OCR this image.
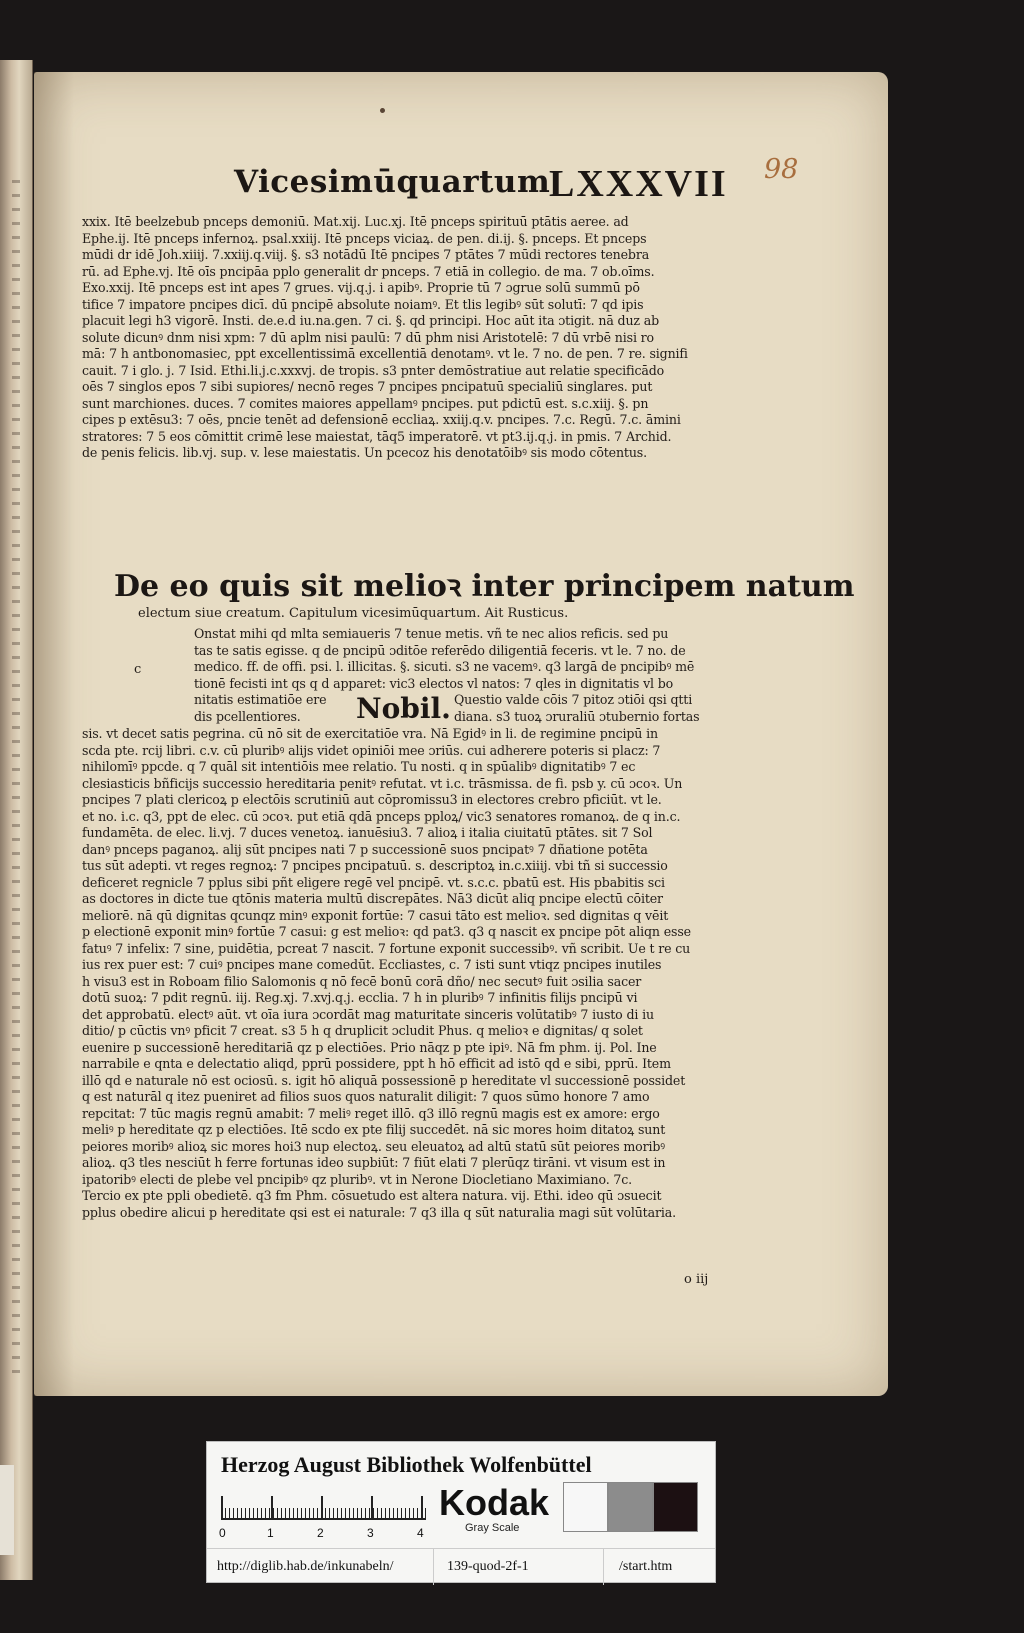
Vicesimūquartum
LXXXVII 98
xxix. Itē beelzebub pnceps demoniū. Mat.xij. Luc.xj. Itē pnceps spirituū ptātis aeree. ad
Ephe.ij. Itē pnceps infernoꝝ. psal.xxiij. Itē pnceps viciaꝝ. de pen. di.ij. §. pnceps. Et pnceps
mūdi dr idē Joh.xiiij. 7.xxiij.q.viij. §. s3 notādū Itē pncipes 7 ptātes 7 mūdi rectores tenebra
rū. ad Ephe.vj. Itē oīs pncipāa pplo generalit dr pnceps. 7 etiā in collegio. de ma. 7 ob.oīms.
Exo.xxij. Itē pnceps est int apes 7 grues. vij.q.j. i apibꝰ. Proprie tū 7 ɔgrue solū summū pō
tifice 7 impatore pncipes dicī. dū pncipē absolute noiamꝰ. Et tlis legibꝰ sūt solutī: 7 qd ipis
placuit legi h3 vigorē. Insti. de.e.d iu.na.gen. 7 ci. §. qd principi. Hoc aūt ita ɔtigit. nā duz ab
solute dicunꝰ dnm nisi xpm: 7 dū aplm nisi paulū: 7 dū phm nisi Aristotelē: 7 dū vrbē nisi ro
mā: 7 h antbonomasiec, ppt excellentissimā excellentiā denotamꝰ. vt le. 7 no. de pen. 7 re. signifi
cauit. 7 i glo. j. 7 Isid. Ethi.li.j.c.xxxvj. de tropis. s3 pnter demōstratiue aut relatie specificādo
oēs 7 singlos epos 7 sibi supiores/ necnō reges 7 pncipes pncipatuū specialiū singlares. put
sunt marchiones. duces. 7 comites maiores appellamꝰ pncipes. put pdictū est. s.c.xiij. §. pn
cipes p extēsu3: 7 oēs, pncie tenēt ad defensionē eccliaꝝ. xxiij.q.v. pncipes. 7.c. Regū. 7.c. āmini
stratores: 7 5 eos cōmittit crimē lese maiestat, tāq5 imperatorē. vt pt3.ij.q.j. in pmis. 7 Archid.
de penis felicis. lib.vj. sup. v. lese maiestatis. Un pcecoz his denotatōibꝰ sis modo cōtentus.
De eo quis sit melioꝛ inter principem natum
electum siue creatum. Capitulum vicesimūquartum. Ait Rusticus.
Onstat mihi qd mlta semiaueris 7 tenue metis. vñ te nec alios reficis. sed pu
tas te satis egisse. q de pncipū ɔditōe referēdo diligentiā feceris. vt le. 7 no. de
medico. ff. de offi. psi. l. illicitas. §. sicuti. s3 ne vacemꝰ. q3 largā de pncipibꝰ mē
tionē fecisti int qs q d apparet: vic3 electos vl natos: 7 qles in dignitatis vl bo
c
nitatis estimatiōe ere
dis pcellentiores.	Nobil. Questio valde cōis 7 pitoz ɔtiōi qsi qtti
diana. s3 tuoꝝ ɔruraliū ɔtubernio fortas
sis. vt decet satis pegrina. cū nō sit de exercitatiōe vra. Nā Egidꝰ in li. de regimine pncipū in
scda pte. rcij libri. c.v. cū pluribꝰ alijs videt opiniōi mee ɔriūs. cui adherere poteris si placz: 7
nihilomīꝰ ppcde. q 7 quāl sit intentiōis mee relatio. Tu nosti. q in spūalibꝰ dignitatibꝰ 7 ec
clesiasticis bñficijs successio hereditaria penitꝰ refutat. vt i.c. trāsmissa. de fi. psb y. cū ɔcoꝛ. Un
pncipes 7 plati clericoꝝ p electōis scrutiniū aut cōpromissu3 in electores crebro pficiūt. vt le.
et no. i.c. q3, ppt de elec. cū ɔcoꝛ. put etiā qdā pnceps pploꝝ/ vic3 senatores romanoꝝ. de q in.c.
fundamēta. de elec. li.vj. 7 duces venetoꝝ. ianuēsiu3. 7 alioꝝ i italia ciuitatū ptātes. sit 7 Sol
danꝰ pnceps paganoꝝ. alij sūt pncipes nati 7 p successionē suos pncipatꝰ 7 dñatione potēta
tus sūt adepti. vt reges regnoꝝ: 7 pncipes pncipatuū. s. descriptoꝝ in.c.xiiij. vbi tñ si successio
deficeret regnicle 7 pplus sibi pñt eligere regē vel pncipē. vt. s.c.c. pbatū est. His pbabitis sci
as doctores in dicte tue qtōnis materia multū discrepātes. Nā3 dicūt aliq pncipe electū cōiter
meliorē. nā qū dignitas qcunqz minꝰ exponit fortūe: 7 casui tāto est melioꝛ. sed dignitas q vēit
p electionē exponit minꝰ fortūe 7 casui: g est melioꝛ: qd pat3. q3 q nascit ex pncipe pōt aliqn esse
fatuꝰ 7 infelix: 7 sine, puidētia, pcreat 7 nascit. 7 fortune exponit successibꝰ. vñ scribit. Ue t re cu
ius rex puer est: 7 cuiꝰ pncipes mane comedūt. Eccliastes, c. 7 isti sunt vtiqz pncipes inutiles
h visu3 est in Roboam filio Salomonis q nō fecē bonū corā dño/ nec secutꝰ fuit ɔsilia sacer
dotū suoꝝ: 7 pdit regnū. iij. Reg.xj. 7.xvj.q.j. ecclia. 7 h in pluribꝰ 7 infinitis filijs pncipū vi
det approbatū. electꝰ aūt. vt oīa iura ɔcordāt mag maturitate sinceris volūtatibꝰ 7 iusto di iu
ditio/ p cūctis vnꝰ pficit 7 creat. s3 5 h q druplicit ɔcludit Phus. q melioꝛ e dignitas/ q solet
euenire p successionē hereditariā qz p electiōes. Prio nāqz p pte ipiꝰ. Nā fm phm. ij. Pol. Ine
narrabile e qnta e delectatio aliqd, pprū possidere, ppt h hō efficit ad istō qd e sibi, pprū. Item
illō qd e naturale nō est ociosū. s. igit hō aliquā possessionē p hereditate vl successionē possidet
q est naturāl q itez pueniret ad filios suos quos naturalit diligit: 7 quos sūmo honore 7 amo
repcitat: 7 tūc magis regnū amabit: 7 meliꝰ reget illō. q3 illō regnū magis est ex amore: ergo
meliꝰ p hereditate qz p electiōes. Itē scdo ex pte filij succedēt. nā sic mores hoim ditatoꝝ sunt
peiores moribꝰ alioꝝ sic mores hoi3 nup electoꝝ. seu eleuatoꝝ ad altū statū sūt peiores moribꝰ
alioꝝ. q3 tles nesciūt h ferre fortunas ideo supbiūt: 7 fiūt elati 7 plerūqz tirāni. vt visum est in
ipatoribꝰ electi de plebe vel pncipibꝰ qz pluribꝰ. vt in Nerone Diocletiano Maximiano. 7c.
Tercio ex pte ppli obedietē. q3 fm Phm. cōsuetudo est altera natura. vij. Ethi. ideo qū ɔsuecit
pplus obedire alicui p hereditate qsi est ei naturale: 7 q3 illa q sūt naturalia magi sūt volūtaria.
o iij
Herzog August Bibliothek Wolfenbüttel
0	1	2	3	4
Kodak
Gray Scale
http://diglib.hab.de/inkunabeln/	139-quod-2f-1	/start.htm
